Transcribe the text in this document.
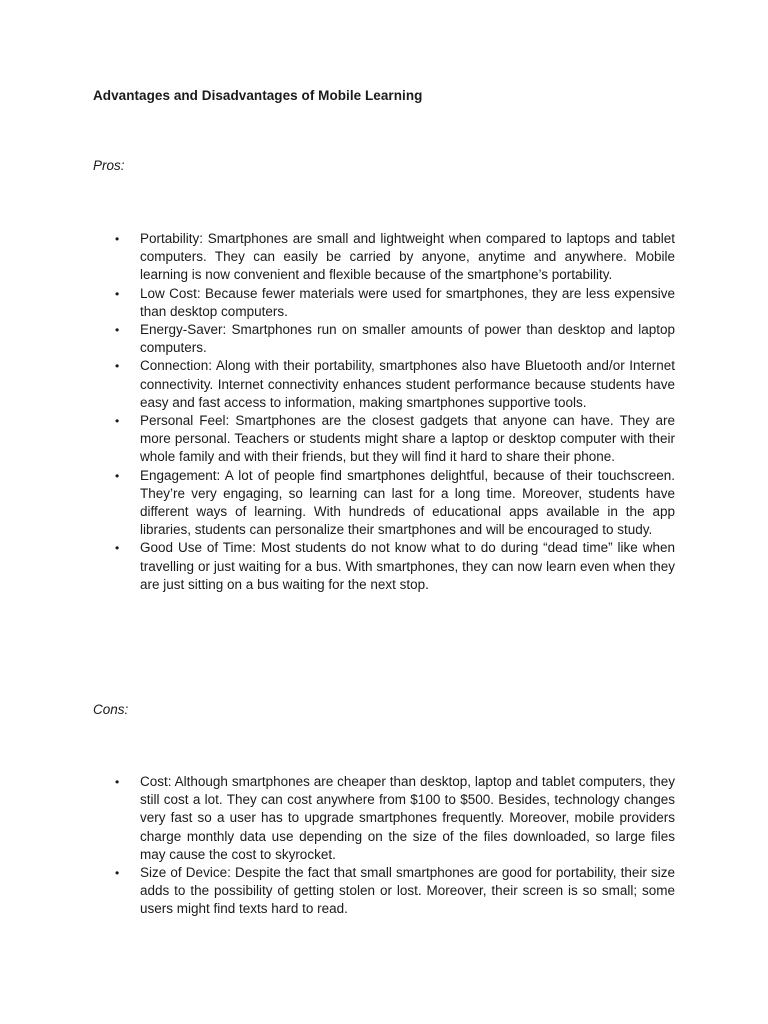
Advantages and Disadvantages of Mobile Learning
Pros:
• Portability: Smartphones are small and lightweight when compared to laptops and tablet computers. They can easily be carried by anyone, anytime and anywhere. Mobile learning is now convenient and flexible because of the smartphone’s portability.
• Low Cost: Because fewer materials were used for smartphones, they are less expensive than desktop computers.
• Energy-Saver: Smartphones run on smaller amounts of power than desktop and laptop computers.
• Connection: Along with their portability, smartphones also have Bluetooth and/or Internet connectivity. Internet connectivity enhances student performance because students have easy and fast access to information, making smartphones supportive tools.
• Personal Feel: Smartphones are the closest gadgets that anyone can have. They are more personal. Teachers or students might share a laptop or desktop computer with their whole family and with their friends, but they will find it hard to share their phone.
• Engagement: A lot of people find smartphones delightful, because of their touchscreen. They’re very engaging, so learning can last for a long time. Moreover, students have different ways of learning. With hundreds of educational apps available in the app libraries, students can personalize their smartphones and will be encouraged to study.
• Good Use of Time: Most students do not know what to do during “dead time” like when travelling or just waiting for a bus. With smartphones, they can now learn even when they are just sitting on a bus waiting for the next stop.
Cons:
• Cost: Although smartphones are cheaper than desktop, laptop and tablet computers, they still cost a lot. They can cost anywhere from $100 to $500. Besides, technology changes very fast so a user has to upgrade smartphones frequently. Moreover, mobile providers charge monthly data use depending on the size of the files downloaded, so large files may cause the cost to skyrocket.
• Size of Device: Despite the fact that small smartphones are good for portability, their size adds to the possibility of getting stolen or lost. Moreover, their screen is so small; some users might find texts hard to read.
